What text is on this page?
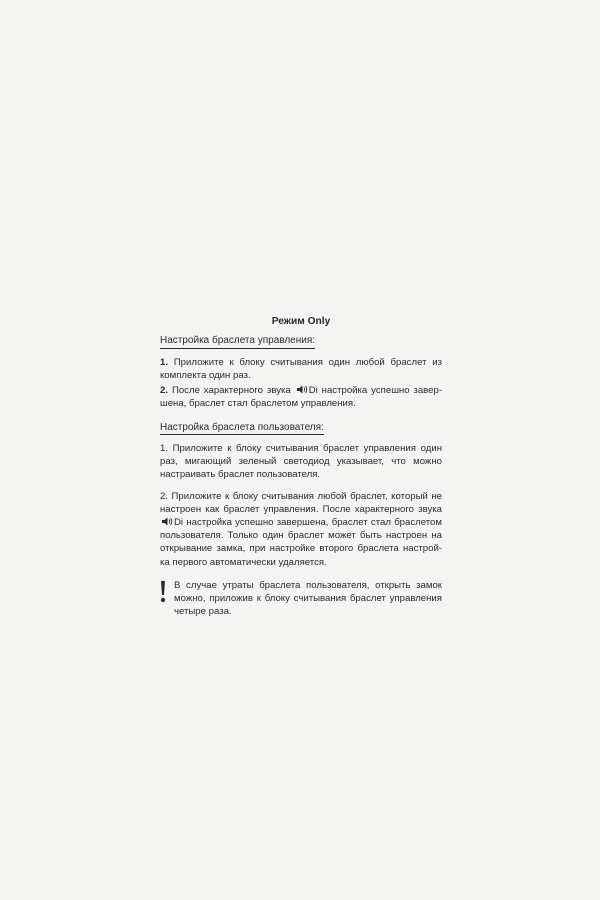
Режим Only
Настройка браслета управления:

1. Приложите к блоку считывания один любой браслет из комплекта один раз.

2. После характерного звука Di настройка успешно завер-шена, браслет стал браслетом управления.

Настройка браслета пользователя:

1. Приложите к блоку считывания браслет управления один раз, мигающий зеленый светодиод указывает, что можно настраивать браслет пользователя.

2. Приложите к блоку считывания любой браслет, который не настроен как браслет управления. После характерного звука
Di настройка успешно завершена, браслет стал браслетом пользователя. Только один браслет может быть настроен на открывание замка, при настройке второго браслета настрой-ка первого автоматически удаляется.

В случае утраты браслета пользователя, открыть замок можно, приложив к блоку считывания браслет управления четыре раза.
